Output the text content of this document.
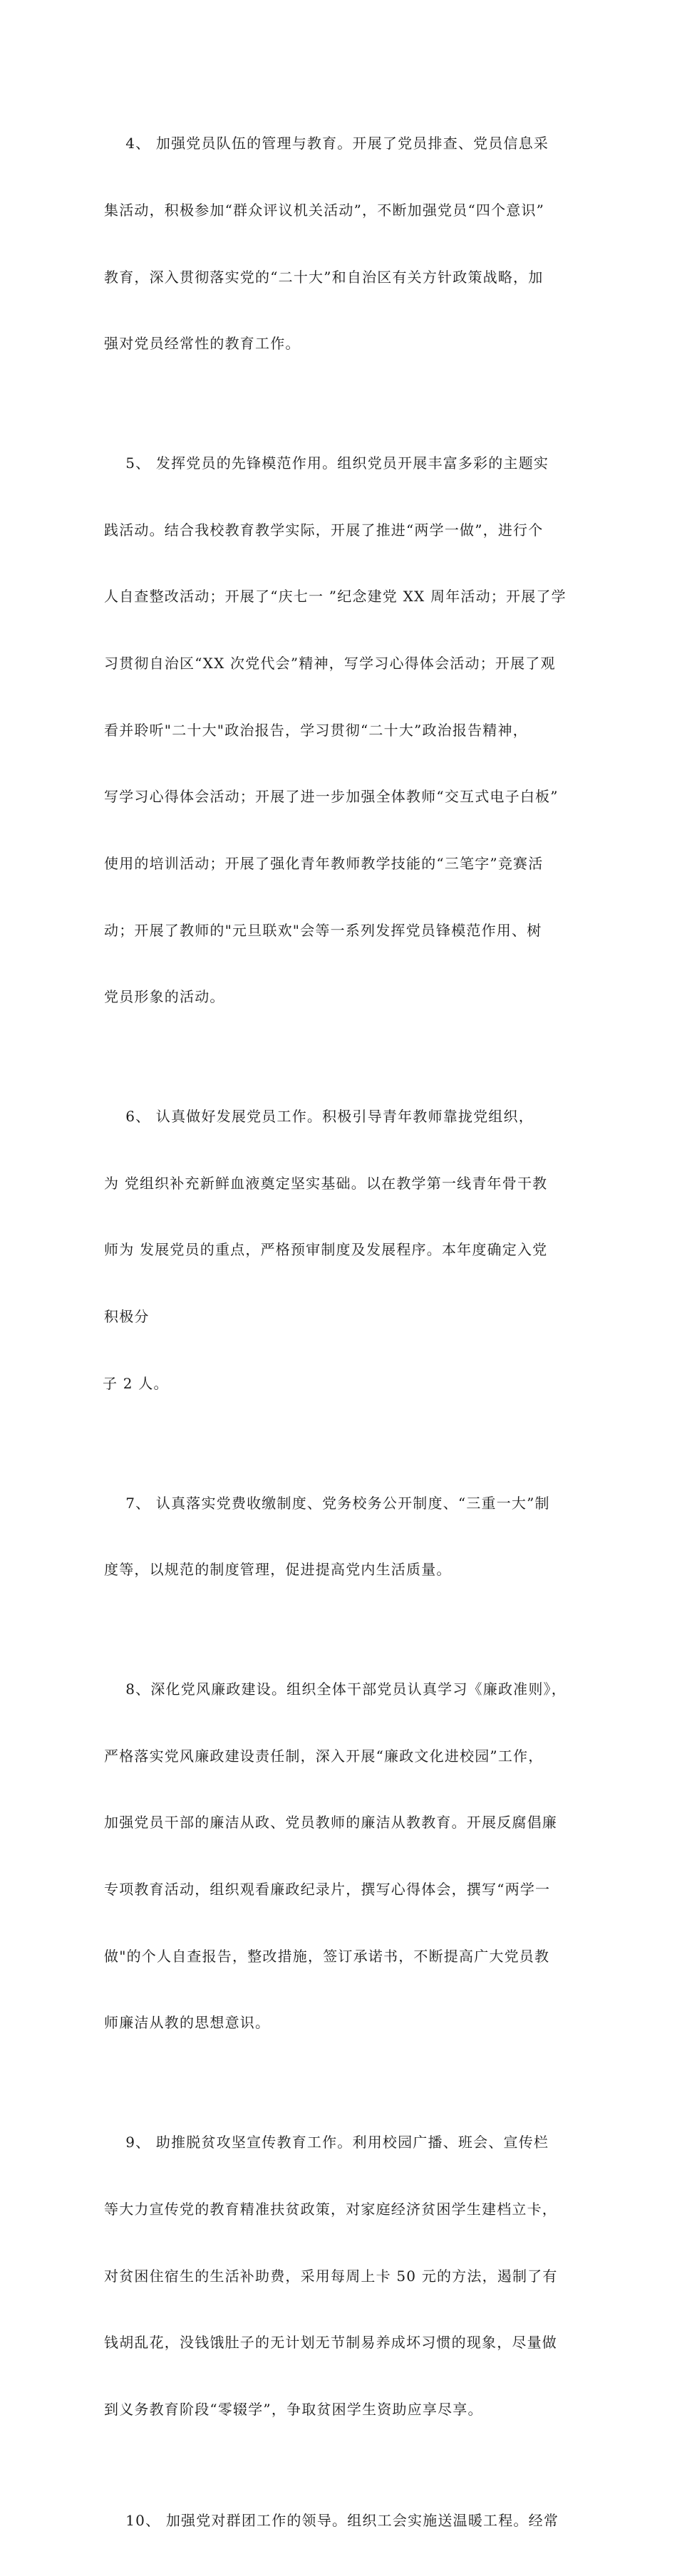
4、 加强党员队伍的管理与教育。开展了党员排查、党员信息采

集活动，积极参加“群众评议机关活动”，不断加强党员“四个意识”

教育，深入贯彻落实党的“二十大”和自治区有关方针政策战略，加

强对党员经常性的教育工作。

5、 发挥党员的先锋模范作用。组织党员开展丰富多彩的主题实

践活动。结合我校教育教学实际，开展了推进“两学一做”，进行个

人自查整改活动；开展了“庆七一 ”纪念建党 XX 周年活动；开展了学

习贯彻自治区“XX 次党代会”精神，写学习心得体会活动；开展了观

看并聆听"二十大"政治报告，学习贯彻“二十大”政治报告精神，

写学习心得体会活动；开展了进一步加强全体教师“交互式电子白板”

使用的培训活动；开展了强化青年教师教学技能的“三笔字”竞赛活

动；开展了教师的"元旦联欢"会等一系列发挥党员锋模范作用、树

党员形象的活动。

6、 认真做好发展党员工作。积极引导青年教师靠拢党组织，

为 党组织补充新鲜血液奠定坚实基础。以在教学第一线青年骨干教

师为 发展党员的重点，严格预审制度及发展程序。本年度确定入党

积极分

子 2 人。

7、 认真落实党费收缴制度、党务校务公开制度、“三重一大”制

度等，以规范的制度管理，促进提高党内生活质量。

8、深化党风廉政建设。组织全体干部党员认真学习《廉政准则》，

严格落实党风廉政建设责任制，深入开展“廉政文化进校园”工作，

加强党员干部的廉洁从政、党员教师的廉洁从教教育。开展反腐倡廉

专项教育活动，组织观看廉政纪录片，撰写心得体会，撰写“两学一

做"的个人自查报告，整改措施，签订承诺书，不断提高广大党员教

师廉洁从教的思想意识。

9、 助推脱贫攻坚宣传教育工作。利用校园广播、班会、宣传栏

等大力宣传党的教育精准扶贫政策，对家庭经济贫困学生建档立卡，

对贫困住宿生的生活补助费，采用每周上卡 50 元的方法，遏制了有

钱胡乱花，没钱饿肚子的无计划无节制易养成坏习惯的现象，尽量做

到义务教育阶段“零辍学”，争取贫困学生资助应享尽享。

10、 加强党对群团工作的领导。组织工会实施送温暖工程。经常
